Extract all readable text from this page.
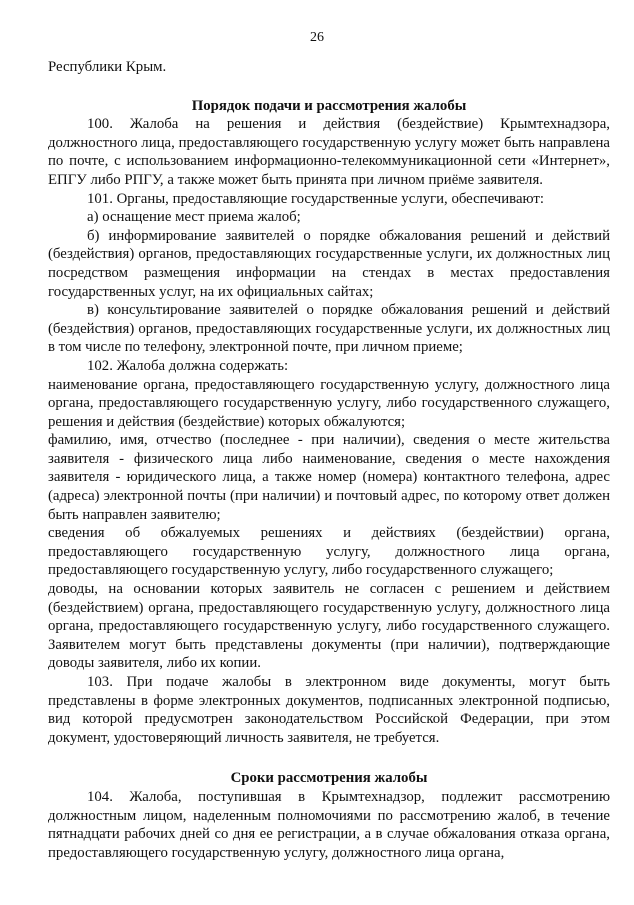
26

Республики Крым.

Порядок подачи и рассмотрения жалобы

100. Жалоба на решения и действия (бездействие) Крымтехнадзора, должностного лица, предоставляющего государственную услугу может быть направлена по почте, с использованием информационно-телекоммуникационной сети «Интернет», ЕПГУ либо РПГУ, а также может быть принята при личном приёме заявителя.

101. Органы, предоставляющие государственные услуги, обеспечивают:

а) оснащение мест приема жалоб;

б) информирование заявителей о порядке обжалования решений и действий (бездействия) органов, предоставляющих государственные услуги, их должностных лиц посредством размещения информации на стендах в местах предоставления государственных услуг, на их официальных сайтах;

в) консультирование заявителей о порядке обжалования решений и действий (бездействия) органов, предоставляющих государственные услуги, их должностных лиц в том числе по телефону, электронной почте, при личном приеме;

102. Жалоба должна содержать:

наименование органа, предоставляющего государственную услугу, должностного лица органа, предоставляющего государственную услугу, либо государственного служащего, решения и действия (бездействие) которых обжалуются;

фамилию, имя, отчество (последнее - при наличии), сведения о месте жительства заявителя - физического лица либо наименование, сведения о месте нахождения заявителя - юридического лица, а также номер (номера) контактного телефона, адрес (адреса) электронной почты (при наличии) и почтовый адрес, по которому ответ должен быть направлен заявителю;

сведения об обжалуемых решениях и действиях (бездействии) органа, предоставляющего государственную услугу, должностного лица органа, предоставляющего государственную услугу, либо государственного служащего;

доводы, на основании которых заявитель не согласен с решением и действием (бездействием) органа, предоставляющего государственную услугу, должностного лица органа, предоставляющего государственную услугу, либо государственного служащего. Заявителем могут быть представлены документы (при наличии), подтверждающие доводы заявителя, либо их копии.

103. При подаче жалобы в электронном виде документы, могут быть представлены в форме электронных документов, подписанных электронной подписью, вид которой предусмотрен законодательством Российской Федерации, при этом документ, удостоверяющий личность заявителя, не требуется.

Сроки рассмотрения жалобы

104. Жалоба, поступившая в Крымтехнадзор, подлежит рассмотрению должностным лицом, наделенным полномочиями по рассмотрению жалоб, в течение пятнадцати рабочих дней со дня ее регистрации, а в случае обжалования отказа органа, предоставляющего государственную услугу, должностного лица органа,
